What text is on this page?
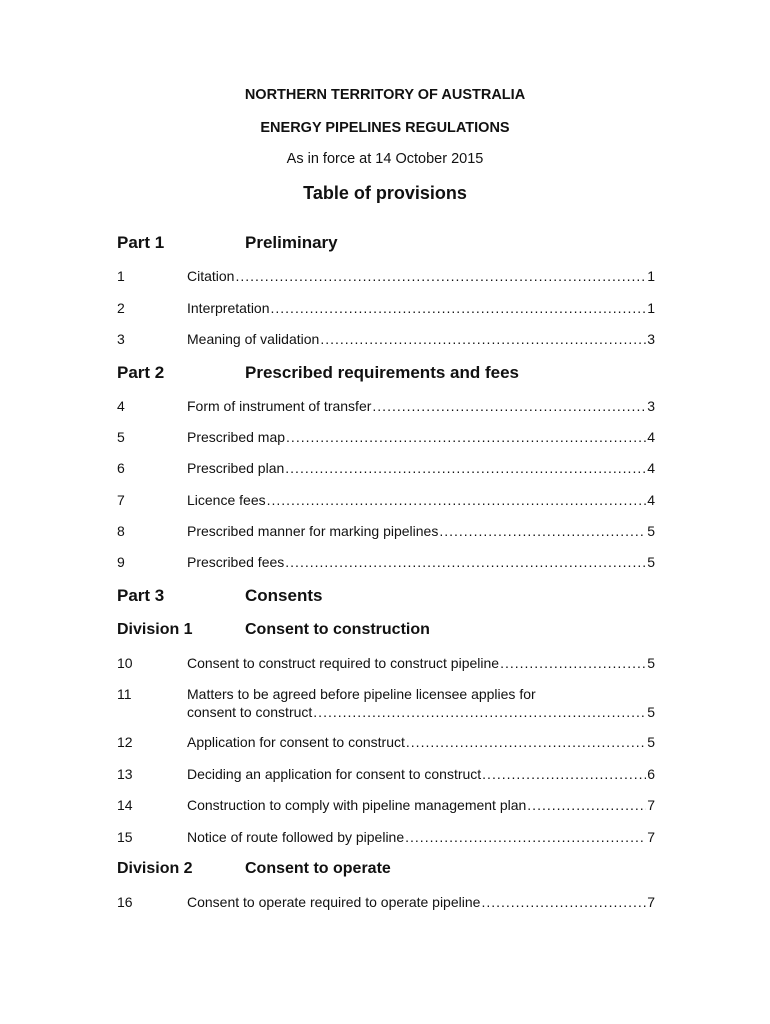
NORTHERN TERRITORY OF AUSTRALIA
ENERGY PIPELINES REGULATIONS
As in force at 14 October 2015
Table of provisions
Part 1	Preliminary
1	Citation .....	1
2	Interpretation .....	1
3	Meaning of validation .....	3
Part 2	Prescribed requirements and fees
4	Form of instrument of transfer .....	3
5	Prescribed map .....	4
6	Prescribed plan .....	4
7	Licence fees .....	4
8	Prescribed manner for marking pipelines .....	5
9	Prescribed fees .....	5
Part 3	Consents
Division 1	Consent to construction
10	Consent to construct required to construct pipeline .....	5
11	Matters to be agreed before pipeline licensee applies for
consent to construct .....	5
12	Application for consent to construct .....	5
13	Deciding an application for consent to construct .....	6
14	Construction to comply with pipeline management plan .....	7
15	Notice of route followed by pipeline .....	7
Division 2	Consent to operate
16	Consent to operate required to operate pipeline .....	7
